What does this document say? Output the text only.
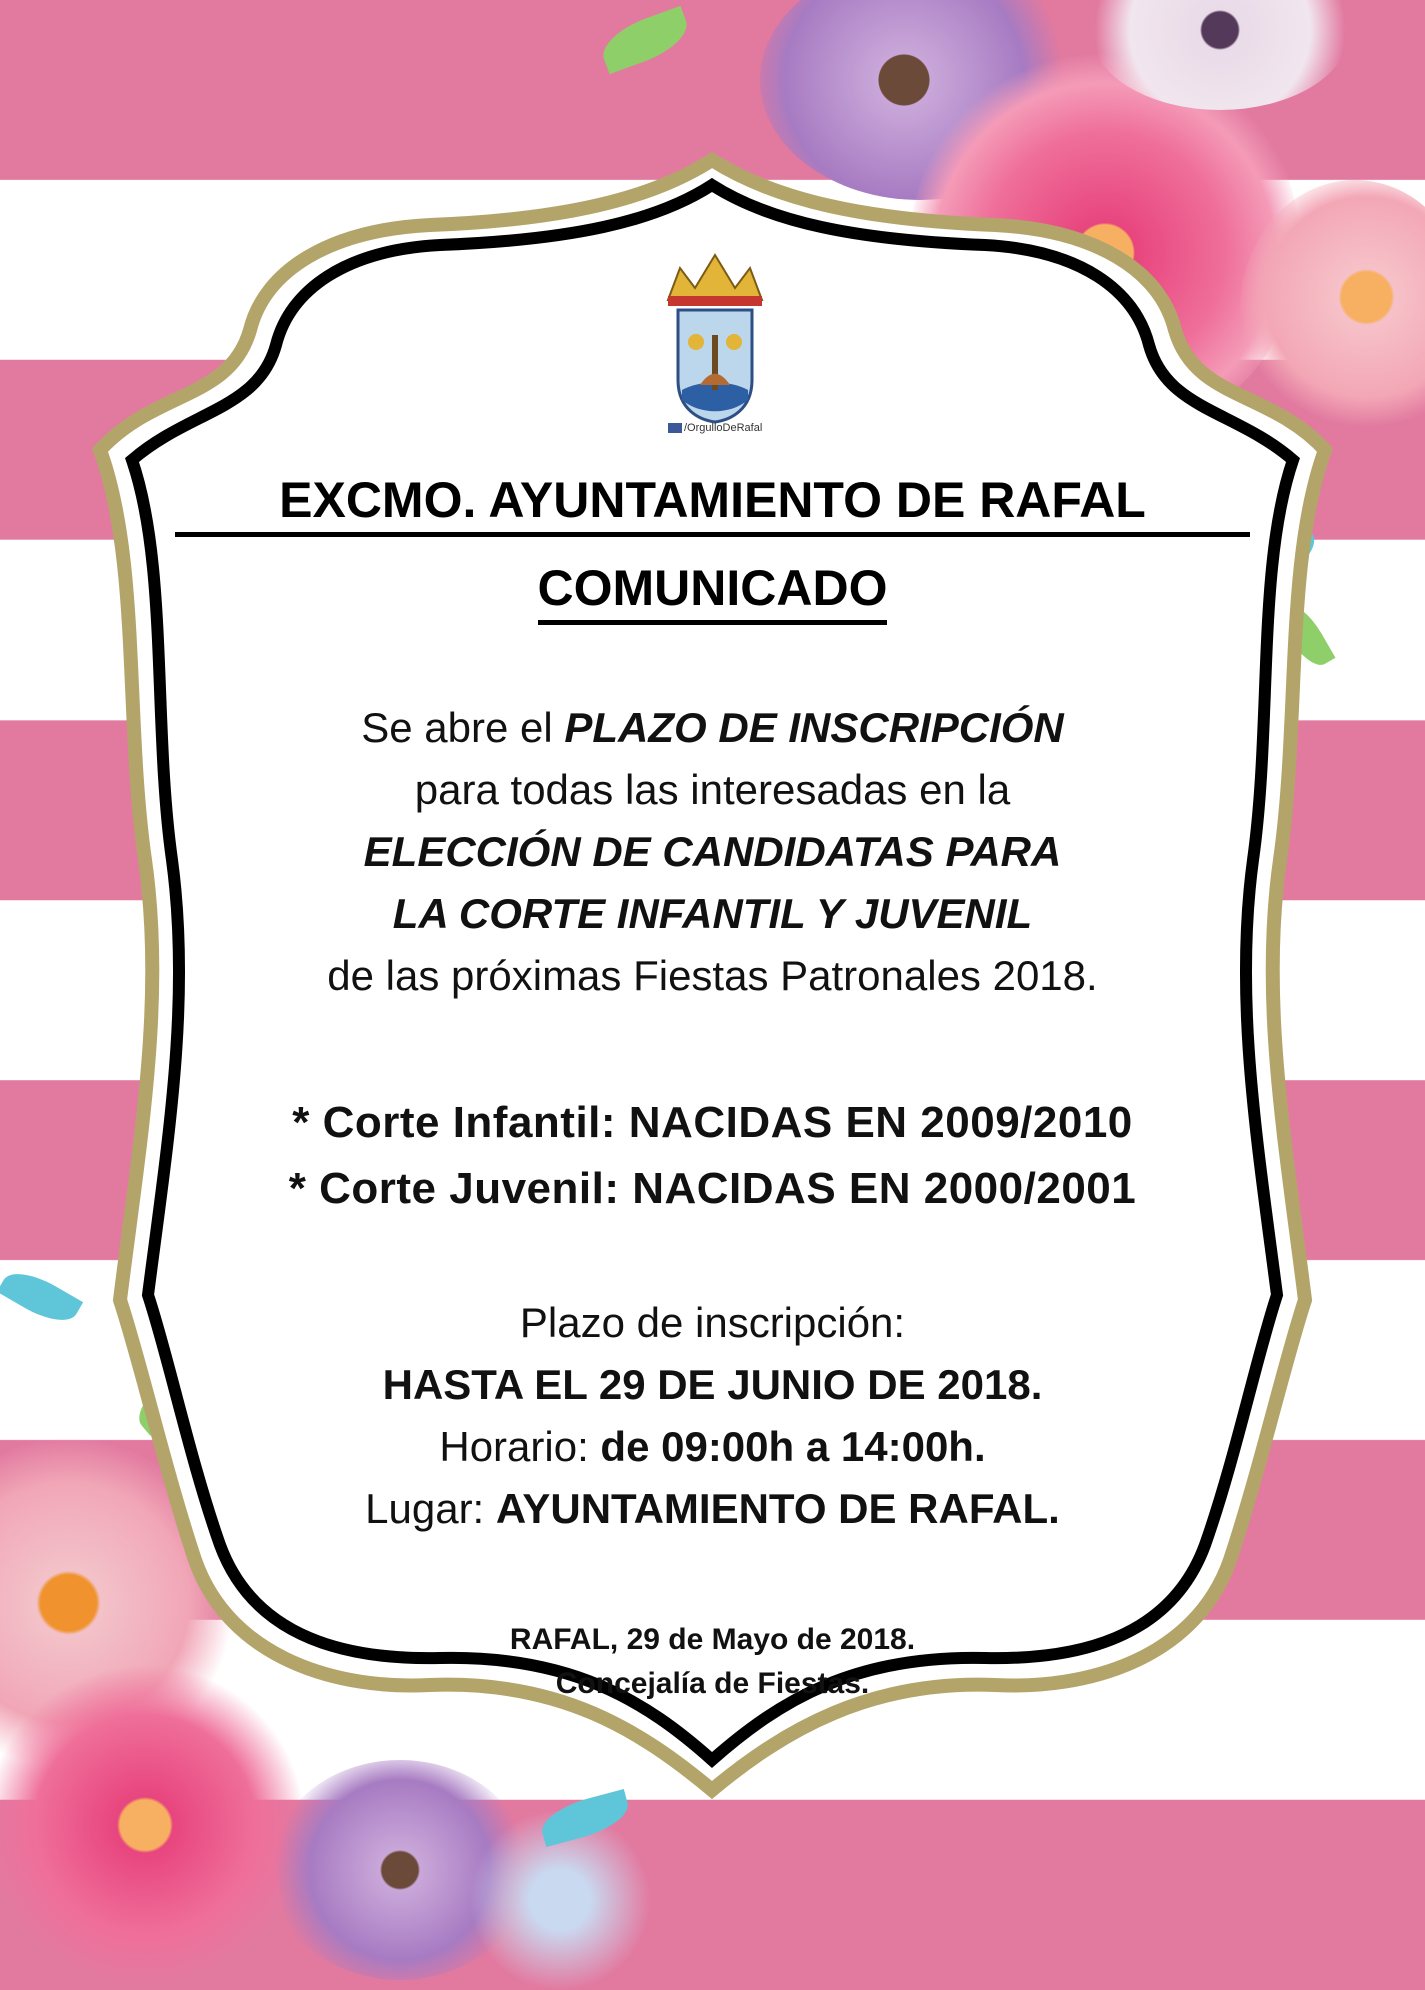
/OrgulloDeRafal
EXCMO. AYUNTAMIENTO DE RAFAL
COMUNICADO
Se abre el PLAZO DE INSCRIPCIÓN
para todas las interesadas en la
ELECCIÓN DE CANDIDATAS PARA
LA CORTE INFANTIL Y JUVENIL
de las próximas Fiestas Patronales 2018.
* Corte Infantil: NACIDAS EN 2009/2010
* Corte Juvenil: NACIDAS EN 2000/2001
Plazo de inscripción:
HASTA EL 29 DE JUNIO DE 2018.
Horario: de 09:00h a 14:00h.
Lugar: AYUNTAMIENTO DE RAFAL.
RAFAL, 29 de Mayo de 2018.
Concejalía de Fiestas.
